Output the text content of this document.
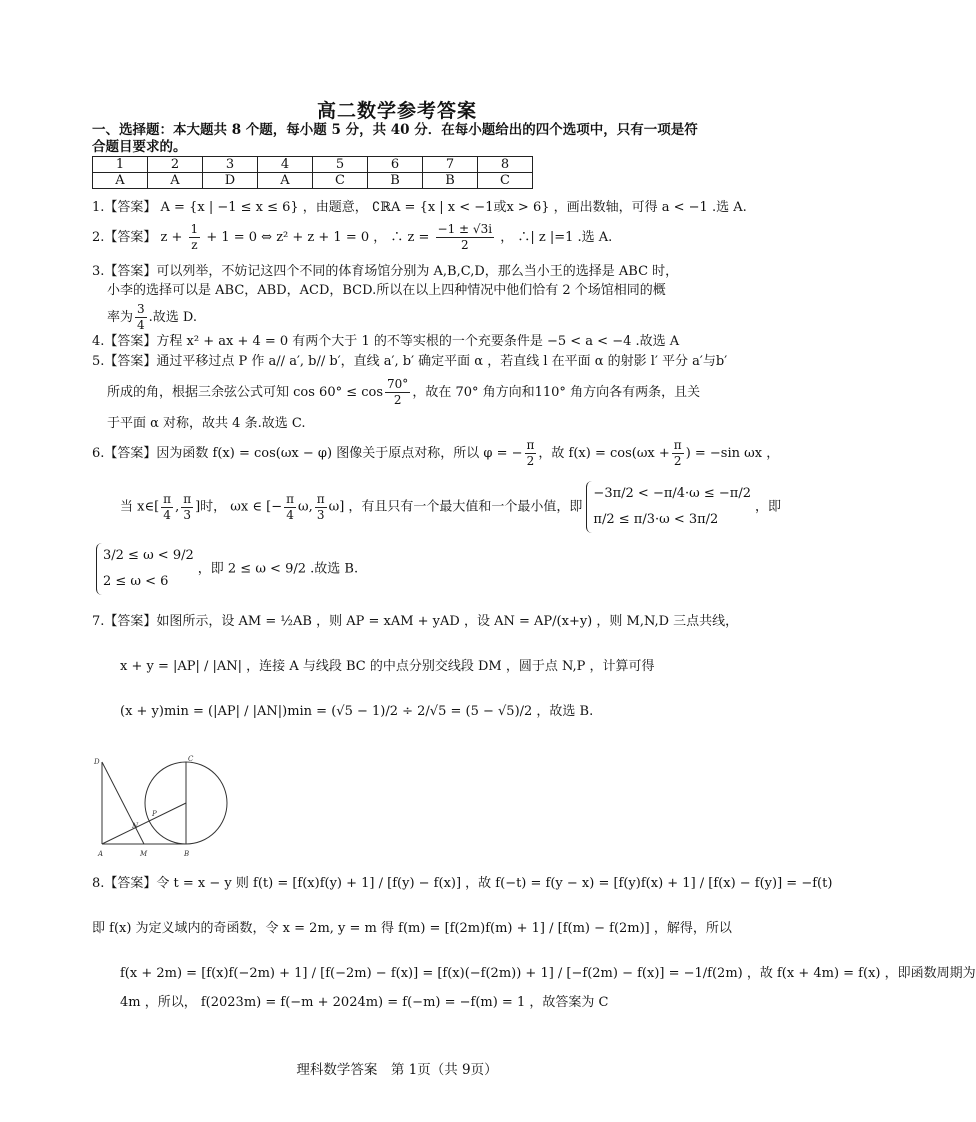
高二数学参考答案
一、选择题：本大题共 8 个题，每小题 5 分，共 40 分．在每小题给出的四个选项中，只有一项是符合题目要求的。
1	2	3	4	5	6	7	8
A	A	D	A	C	B	B	C
1.【答案】 A = {x | −1 ≤ x ≤ 6} ，由题意， ∁ℝA = {x | x < −1或x > 6} ，画出数轴，可得 a < −1 .选 A.
2.【答案】 $z + \frac{1}{z} + 1 = 0$ ⇔ z² + z + 1 = 0 ， ∴ $z = \frac{-1 \pm √3i}{2}$ ， ∴| z |=1 .选 A.
3.【答案】可以列举，不妨记这四个不同的体育场馆分别为 A,B,C,D，那么当小王的选择是 ABC 时，
小李的选择可以是 ABC，ABD，ACD，BCD.所以在以上四种情况中他们恰有 2 个场馆相同的概
率为 $\frac{3}{4}$ .故选 D.
4.【答案】方程 x² + ax + 4 = 0 有两个大于 1 的不等实根的一个充要条件是 −5 < a < −4 .故选 A
5.【答案】通过平移过点 P 作 a// a′, b// b′，直线 a′, b′ 确定平面 α ，若直线 l 在平面 α 的射影 l′ 平分 a′与b′
所成的角，根据三余弦公式可知 $\cos 60^\circ \le \cos \frac{70^\circ}{2}$ ，故在 70° 角方向和110° 角方向各有两条，且关
于平面 α 对称，故共 4 条.故选 C.
6.【答案】因为函数 f(x) = cos(ωx − φ) 图像关于原点对称，所以 φ = − $\frac{\pi}{2}$ ，故 $f(x) = \cos(\omega x + \frac{\pi}{2}$ ) = −sin ωx ，
当 x∈[ $\frac{\pi}{4}$ , $\frac{\pi}{3}$ ]时， ωx ∈ [− $\frac{\pi}{4} \omega$, $\frac{\pi}{3} \omega$] ，有且只有一个最大值和一个最小值，即
−3π/2 < −π/4·ω ≤ −π/2
π/2 ≤ π/3·ω < 3π/2
，即
3/2 ≤ ω < 9/2
2 ≤ ω < 6
，即 2 ≤ ω < 9/2 .故选 B.
7.【答案】如图所示，设 AM = ½AB ，则 AP = xAM + yAD ，设 AN = AP/(x+y) ，则 M,N,D 三点共线，
x + y = |AP| / |AN| ，连接 A 与线段 BC 的中点分别交线段 DM ，圆于点 N,P ，计算可得
(x + y)min = (|AP| / |AN|)min = (√5 − 1)/2 ÷ 2/√5 = (5 − √5)/2 ，故选 B.
D	C
A	M	B
N
P
8.【答案】令 t = x − y 则 f(t) = [f(x)f(y) + 1] / [f(y) − f(x)] ，故 f(−t) = f(y − x) = [f(y)f(x) + 1] / [f(x) − f(y)] = −f(t)
即 f(x) 为定义域内的奇函数，令 x = 2m, y = m 得 f(m) = [f(2m)f(m) + 1] / [f(m) − f(2m)] ，解得，所以
f(x + 2m) = [f(x)f(−2m) + 1] / [f(−2m) − f(x)] = [f(x)(−f(2m)) + 1] / [−f(2m) − f(x)] = −1/f(2m) ，故 f(x + 4m) = f(x) ，即函数周期为
4m ，所以， f(2023m) = f(−m + 2024m) = f(−m) = −f(m) = 1 ，故答案为 C
理科数学答案　第 1页（共 9页）
